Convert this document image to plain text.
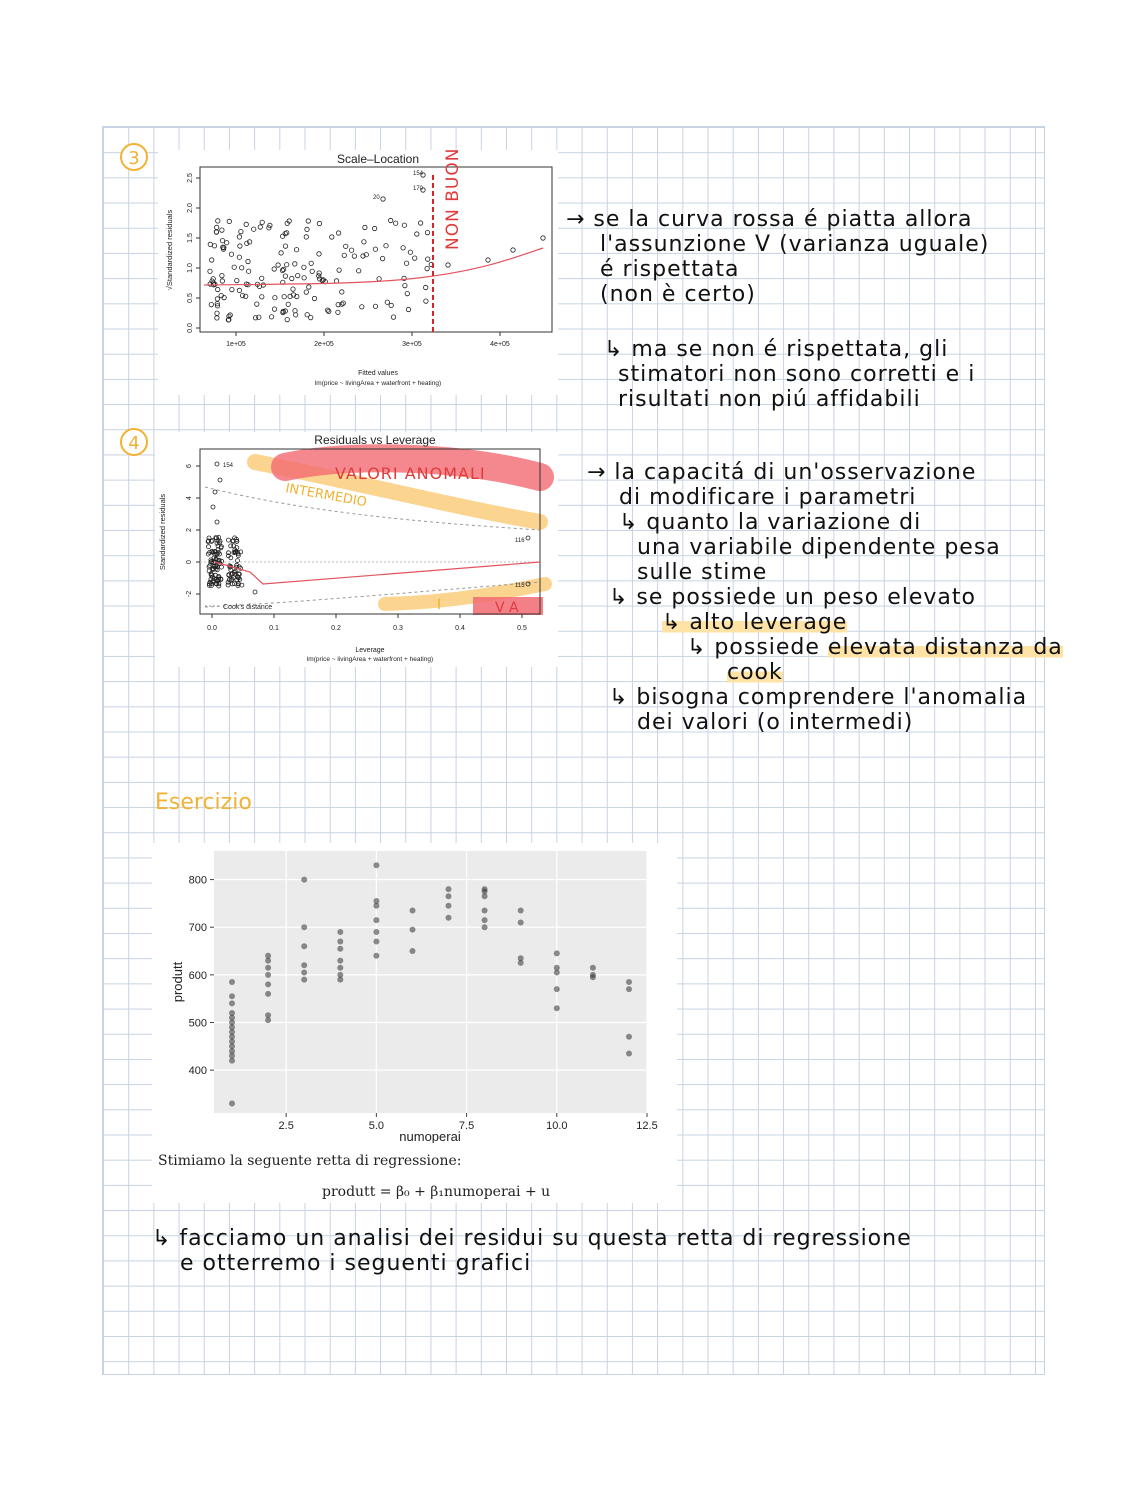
3	Scale–Location
√Standardized residuals
0.0
0.5
1.0
1.5
2.0
2.5
1e+05	2e+05	3e+05	4e+05
154
170
20	NON BUONO
Fitted values
lm(price ~ livingArea + waterfront + heating)
→ se la curva rossa é piatta allora
l'assunzione Ⅴ (varianza uguale)
é rispettata
(non è certo)
↳ ma se non é rispettata, gli
stimatori non sono corretti e i
risultati non piú affidabili
4	Residuals vs Leverage
Standardized residuals
-2
0
2
4
6
0.0	0.1	0.2	0.3	0.4	0.5
154
116
115
VALORI ANOMALI
INTERMEDIO
I	V A
Cook's distance
Leverage
lm(price ~ livingArea + waterfront + heating)
→ la capacitá di un'osservazione
di modificare i parametri
↳ quanto la variazione di
una variabile dipendente pesa
sulle stime
↳ se possiede un peso elevato
↳ alto leverage
↳ possiede elevata distanza da
cook
↳ bisogna comprendere l'anomalia
dei valori (o intermedi)
Esercizio
400
500
600
700
800
2.5	5.0	7.5	10.0	12.5
produtt
numoperai
Stimiamo la seguente retta di regressione:
produtt = β₀ + β₁numoperai + u
↳ facciamo un analisi dei residui su questa retta di regressione
e otterremo i seguenti grafici
